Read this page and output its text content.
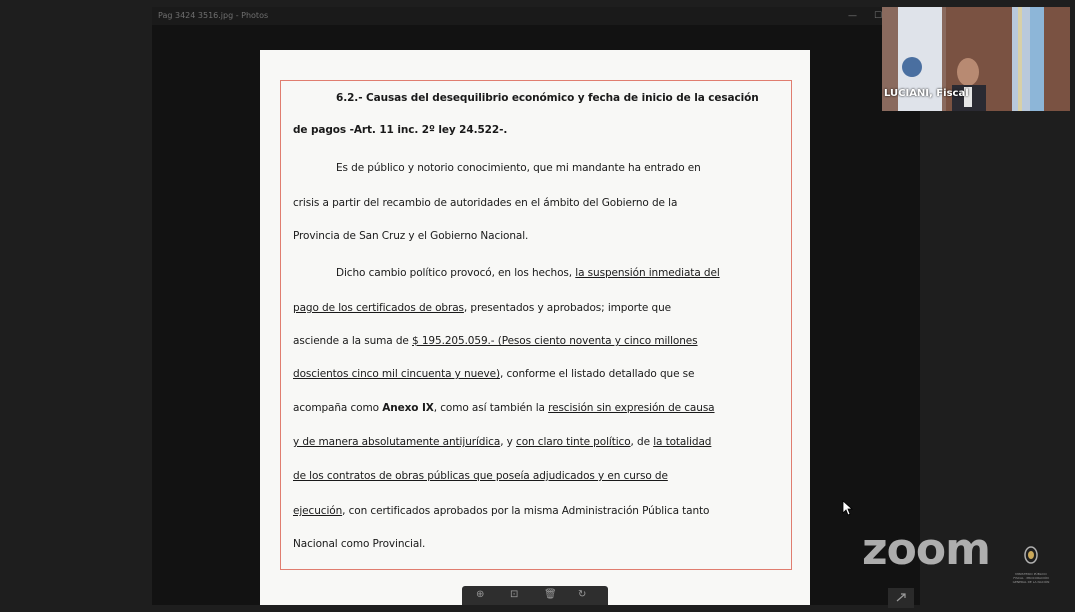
Pag 3424 3516.jpg - Photos	— ☐
6.2.- Causas del desequilibrio económico y fecha de inicio de la cesación
de pagos -Art. 11 inc. 2º ley 24.522-.
Es de público y notorio conocimiento, que mi mandante ha entrado en
crisis a partir del recambio de autoridades en el ámbito del Gobierno de la
Provincia de San Cruz y el Gobierno Nacional.
Dicho cambio político provocó, en los hechos, la suspensión inmediata del
pago de los certificados de obras, presentados y aprobados; importe que
asciende a la suma de $ 195.205.059.- (Pesos ciento noventa y cinco millones
doscientos cinco mil cincuenta y nueve), conforme el listado detallado que se
acompaña como Anexo IX, como así también la rescisión sin expresión de causa
y de manera absolutamente antijurídica, y con claro tinte político, de la totalidad
de los contratos de obras públicas que poseía adjudicados y en curso de
ejecución, con certificados aprobados por la misma Administración Pública tanto
Nacional como Provincial.
⊕	⊡	🗑 ↻
LUCIANI, Fiscal
zoom	MINISTERIO PÚBLICO FISCAL · PROCURACIÓN GENERAL DE LA NACIÓN
